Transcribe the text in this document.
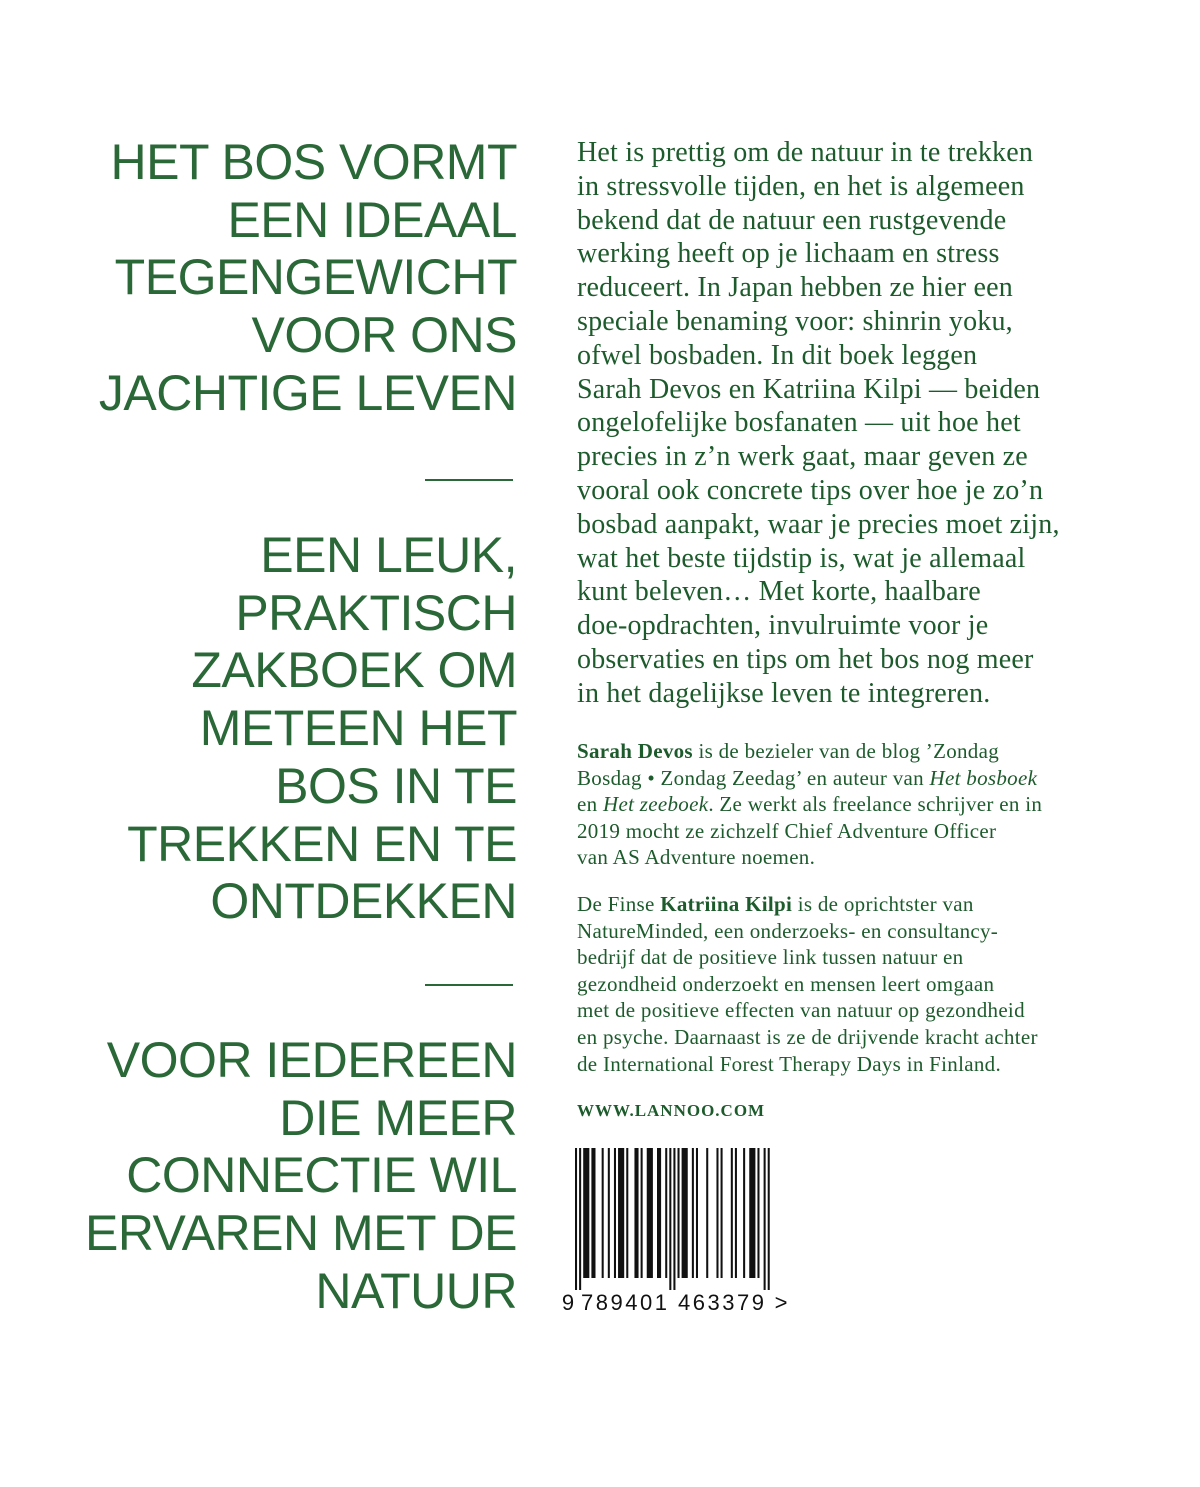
HET BOS VORMT
EEN IDEAAL
TEGENGEWICHT
VOOR ONS
JACHTIGE LEVEN
EEN LEUK,
PRAKTISCH
ZAKBOEK OM
METEEN HET
BOS IN TE
TREKKEN EN TE
ONTDEKKEN
VOOR IEDEREEN
DIE MEER
CONNECTIE WIL
ERVAREN MET DE
NATUUR
Het is prettig om de natuur in te trekken
in stressvolle tijden, en het is algemeen
bekend dat de natuur een rustgevende
werking heeft op je lichaam en stress
reduceert. In Japan hebben ze hier een
speciale benaming voor: shinrin yoku,
ofwel bosbaden. In dit boek leggen
Sarah Devos en Katriina Kilpi — beiden
ongelofelijke bosfanaten — uit hoe het
precies in z’n werk gaat, maar geven ze
vooral ook concrete tips over hoe je zo’n
bosbad aanpakt, waar je precies moet zijn,
wat het beste tijdstip is, wat je allemaal
kunt beleven… Met korte, haalbare
doe-opdrachten, invulruimte voor je
observaties en tips om het bos nog meer
in het dagelijkse leven te integreren.
Sarah Devos is de bezieler van de blog ’Zondag
Bosdag • Zondag Zeedag’ en auteur van Het bosboek
en Het zeeboek. Ze werkt als freelance schrijver en in
2019 mocht ze zichzelf Chief Adventure Officer
van AS Adventure noemen.
De Finse Katriina Kilpi is de oprichtster van
NatureMinded, een onderzoeks- en consultancy-
bedrijf dat de positieve link tussen natuur en
gezondheid onderzoekt en mensen leert omgaan
met de positieve effecten van natuur op gezondheid
en psyche. Daarnaast is ze de drijvende kracht achter
de International Forest Therapy Days in Finland.
WWW.LANNOO.COM
9 789401 463379 >
